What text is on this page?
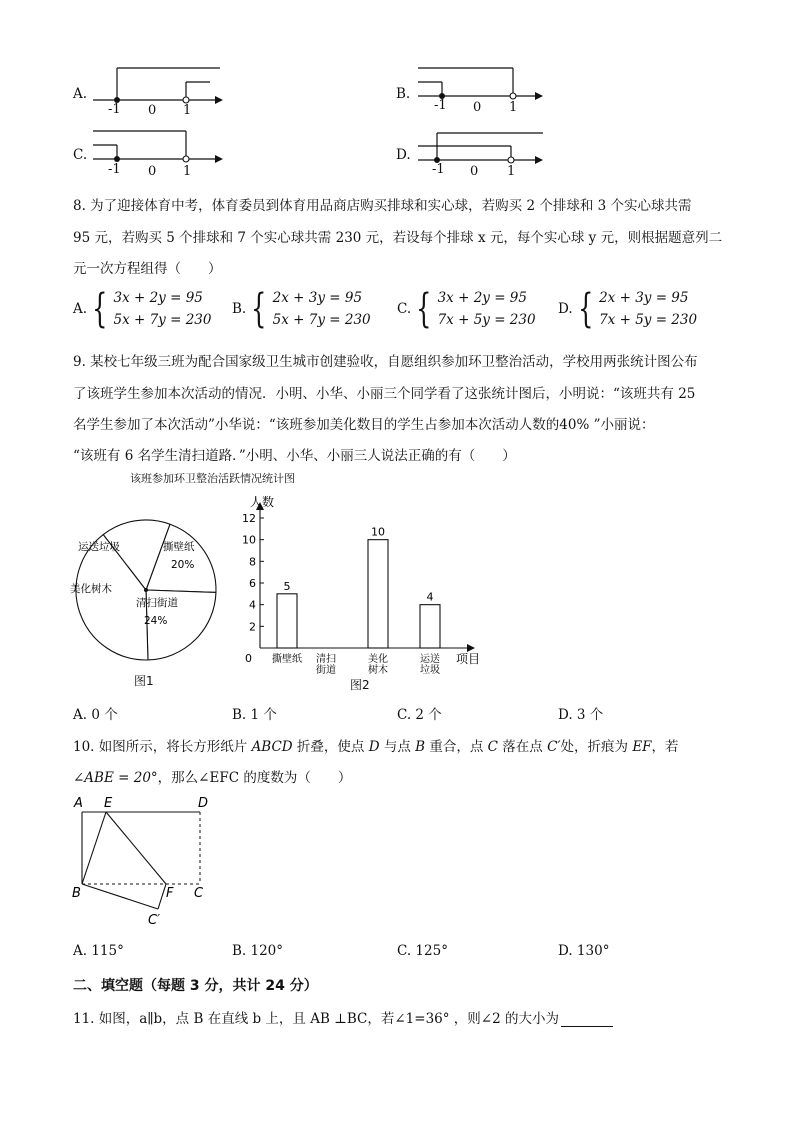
A.
-1 0 1
B.
-1 0 1
C.
-1 0 1
D.
-1 0 1
8. 为了迎接体育中考，体育委员到体育用品商店购买排球和实心球，若购买 2 个排球和 3 个实心球共需
95 元，若购买 5 个排球和 7 个实心球共需 230 元，若设每个排球 x 元，每个实心球 y 元，则根据题意列二
元一次方程组得（　　）
A. { 3x + 2y = 95
5x + 7y = 230
B. { 2x + 3y = 95
5x + 7y = 230
C. { 3x + 2y = 95
7x + 5y = 230
D. { 2x + 3y = 95
7x + 5y = 230
9. 某校七年级三班为配合国家级卫生城市创建验收，自愿组织参加环卫整治活动，学校用两张统计图公布
了该班学生参加本次活动的情况．小明、小华、小丽三个同学看了这张统计图后，小明说：“该班共有 25
名学生参加了本次活动”小华说：“该班参加美化数目的学生占参加本次活动人数的40% ”小丽说：
“该班有 6 名学生清扫道路．”小明、小华、小丽三人说法正确的有（　　）
该班参加环卫整治活跃情况统计图
撕壁纸
20%
清扫街道
24%
美化树木
运送垃圾
图1
2
4
6
8
10
12
0
人数
项目
5
撕壁纸 清扫
街道
10
美化
树木
4
运送
垃圾
图2
A. 0 个	B. 1 个	C. 2 个	D. 3 个
10. 如图所示，将长方形纸片 ABCD 折叠，使点 D 与点 B 重合，点 C 落在点 C′处，折痕为 EF，若
∠ABE = 20°，那么∠EFC 的度数为（　　）
A E	D
B	F C
C′
A. 115°	B. 120°	C. 125°	D. 130°
二、填空题（每题 3 分，共计 24 分）
11. 如图，a∥b，点 B 在直线 b 上，且 AB ⊥BC，若∠1=36° ，则∠2 的大小为
